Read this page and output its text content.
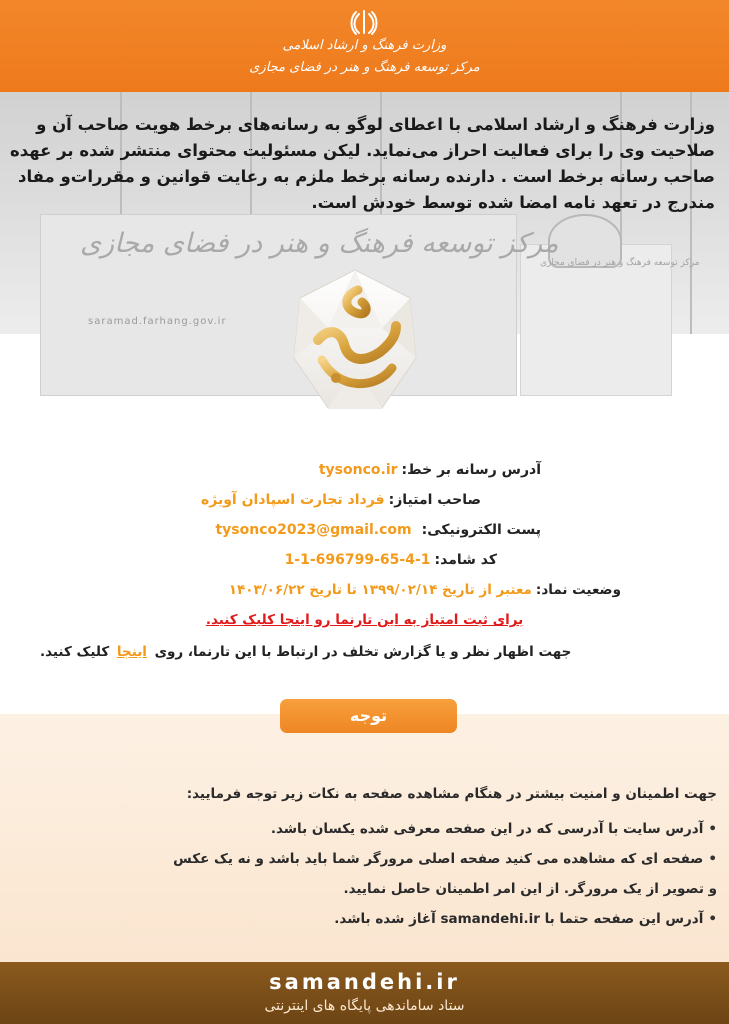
مرکز توسعه فرهنگ و هنر در فضای مجازی
مرکز توسعه فرهنگ و هنر در فضای مجازی
saramad.farhang.gov.ir
وزارت فرهنگ و ارشاد اسلامی
مرکز توسعه فرهنگ و هنر در فضای مجازی
وزارت فرهنگ و ارشاد اسلامی با اعطای لوگو به رسانه‌های برخط هویت صاحب آن و صلاحیت وی را برای فعالیت احراز می‌نماید. لیکن مسئولیت محتوای منتشر شده بر عهده صاحب رسانه برخط است . دارنده رسانه برخط ملزم به رعایت قوانین و مقررات‌و مفاد مندرج در تعهد نامه امضا شده توسط خودش است.
آدرس رسانه بر خط:tysonco.ir
صاحب امتیاز:فرداد تجارت اسپادان آویژه
پست الکترونیکی:tysonco2023@gmail.com
کد شامد:1-1-696799-65-4-1
وضعیت نماد:معتبر از تاریخ ۱۳۹۹/۰۲/۱۴ تا تاریخ ۱۴۰۳/۰۶/۲۲
برای ثبت امتیاز به این تارنما رو اینجا کلیک کنید.
جهت اظهار نظر و یا گزارش تخلف در ارتباط با این تارنما، روی اینجا کلیک کنید.
توجه
جهت اطمینان و امنیت بیشتر در هنگام مشاهده صفحه به نکات زیر توجه فرمایید:
•آدرس سایت با آدرسی که در این صفحه معرفی شده یکسان باشد.
•صفحه ای که مشاهده می کنید صفحه اصلی مرورگر شما باید باشد و نه یک عکس
و تصویر از یک مرورگر. از این امر اطمینان حاصل نمایید.
•آدرس این صفحه حتما با samandehi.ir آغاز شده باشد.
samandehi.ir
ستاد ساماندهی پایگاه های اینترنتی
